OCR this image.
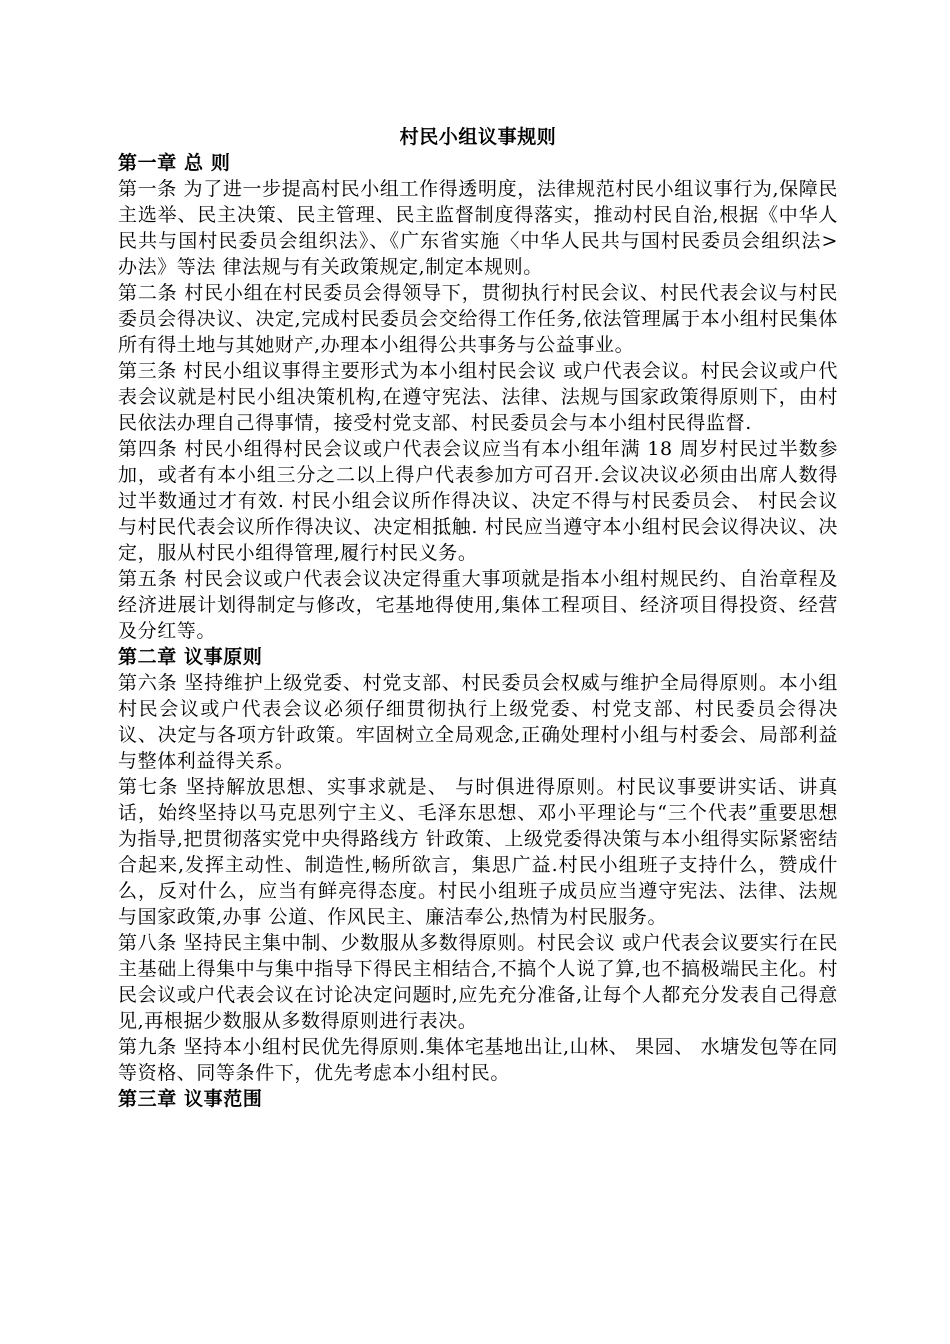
村民小组议事规则
第一章 总 则

第一条 为了进一步提高村民小组工作得透明度，法律规范村民小组议事行为,保障民主选举、民主决策、民主管理、民主监督制度得落实，推动村民自治,根据《中华人民共与国村民委员会组织法》、《广东省实施〈中华人民共与国村民委员会组织法>办法》等法 律法规与有关政策规定,制定本规则。

第二条 村民小组在村民委员会得领导下，贯彻执行村民会议、村民代表会议与村民委员会得决议、决定,完成村民委员会交给得工作任务,依法管理属于本小组村民集体所有得土地与其她财产,办理本小组得公共事务与公益事业。

第三条 村民小组议事得主要形式为本小组村民会议 或户代表会议。村民会议或户代表会议就是村民小组决策机构,在遵守宪法、法律、法规与国家政策得原则下，由村民依法办理自己得事情，接受村党支部、村民委员会与本小组村民得监督.

第四条 村民小组得村民会议或户代表会议应当有本小组年满 18 周岁村民过半数参加，或者有本小组三分之二以上得户代表参加方可召开.会议决议必须由出席人数得过半数通过才有效. 村民小组会议所作得决议、决定不得与村民委员会、 村民会议与村民代表会议所作得决议、决定相抵触. 村民应当遵守本小组村民会议得决议、决定，服从村民小组得管理,履行村民义务。

第五条 村民会议或户代表会议决定得重大事项就是指本小组村规民约、自治章程及经济进展计划得制定与修改，宅基地得使用,集体工程项目、经济项目得投资、经营及分红等。

第二章 议事原则

第六条 坚持维护上级党委、村党支部、村民委员会权威与维护全局得原则。本小组村民会议或户代表会议必须仔细贯彻执行上级党委、村党支部、村民委员会得决议、决定与各项方针政策。牢固树立全局观念,正确处理村小组与村委会、局部利益与整体利益得关系。

第七条 坚持解放思想、实事求就是、 与时俱进得原则。村民议事要讲实话、讲真话，始终坚持以马克思列宁主义、毛泽东思想、邓小平理论与“三个代表”重要思想为指导,把贯彻落实党中央得路线方 针政策、上级党委得决策与本小组得实际紧密结合起来,发挥主动性、制造性,畅所欲言，集思广益.村民小组班子支持什么，赞成什么，反对什么，应当有鲜亮得态度。村民小组班子成员应当遵守宪法、法律、法规与国家政策,办事 公道、作风民主、廉洁奉公,热情为村民服务。

第八条 坚持民主集中制、少数服从多数得原则。村民会议 或户代表会议要实行在民主基础上得集中与集中指导下得民主相结合,不搞个人说了算,也不搞极端民主化。村民会议或户代表会议在讨论决定问题时,应先充分准备,让每个人都充分发表自己得意见,再根据少数服从多数得原则进行表决。

第九条 坚持本小组村民优先得原则.集体宅基地出让,山林、 果园、 水塘发包等在同等资格、同等条件下，优先考虑本小组村民。

第三章 议事范围
